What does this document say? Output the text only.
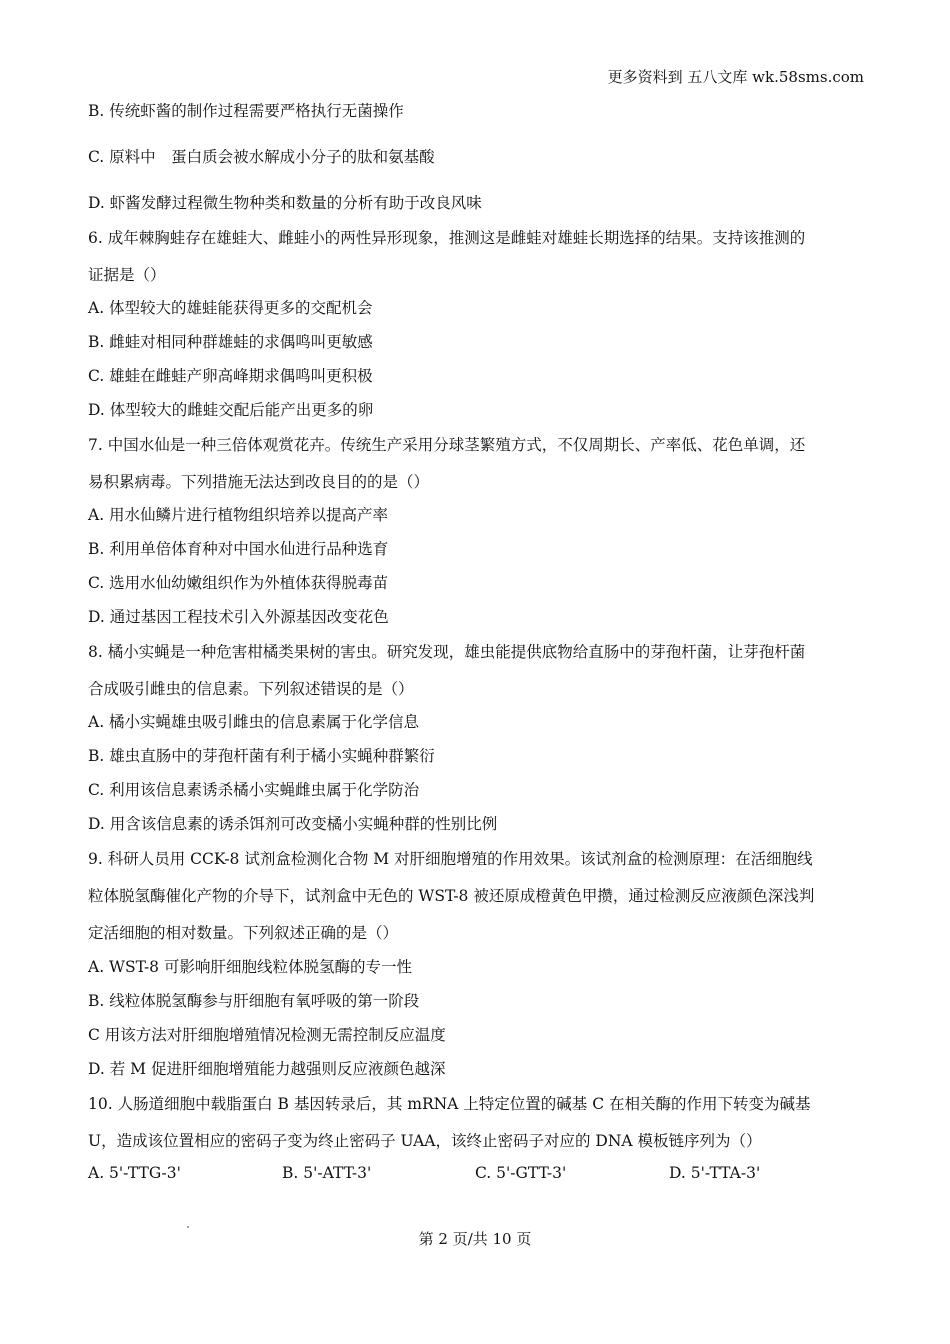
更多资料到 五八文库 wk.58sms.com
B. 传统虾酱的制作过程需要严格执行无菌操作
C. 原料中　蛋白质会被水解成小分子的肽和氨基酸
D. 虾酱发酵过程微生物种类和数量的分析有助于改良风味
6. 成年棘胸蛙存在雄蛙大、雌蛙小的两性异形现象，推测这是雌蛙对雄蛙长期选择的结果。支持该推测的
证据是（）
A. 体型较大的雄蛙能获得更多的交配机会
B. 雌蛙对相同种群雄蛙的求偶鸣叫更敏感
C. 雄蛙在雌蛙产卵高峰期求偶鸣叫更积极
D. 体型较大的雌蛙交配后能产出更多的卵
7. 中国水仙是一种三倍体观赏花卉。传统生产采用分球茎繁殖方式，不仅周期长、产率低、花色单调，还
易积累病毒。下列措施无法达到改良目的的是（）
A. 用水仙鳞片进行植物组织培养以提高产率
B. 利用单倍体育种对中国水仙进行品种选育
C. 选用水仙幼嫩组织作为外植体获得脱毒苗
D. 通过基因工程技术引入外源基因改变花色
8. 橘小实蝇是一种危害柑橘类果树的害虫。研究发现，雄虫能提供底物给直肠中的芽孢杆菌，让芽孢杆菌
合成吸引雌虫的信息素。下列叙述错误的是（）
A. 橘小实蝇雄虫吸引雌虫的信息素属于化学信息
B. 雄虫直肠中的芽孢杆菌有利于橘小实蝇种群繁衍
C. 利用该信息素诱杀橘小实蝇雌虫属于化学防治
D. 用含该信息素的诱杀饵剂可改变橘小实蝇种群的性别比例
9. 科研人员用 CCK-8 试剂盒检测化合物 M 对肝细胞增殖的作用效果。该试剂盒的检测原理：在活细胞线
粒体脱氢酶催化产物的介导下，试剂盒中无色的 WST-8 被还原成橙黄色甲攒，通过检测反应液颜色深浅判
定活细胞的相对数量。下列叙述正确的是（）
A. WST-8 可影响肝细胞线粒体脱氢酶的专一性
B. 线粒体脱氢酶参与肝细胞有氧呼吸的第一阶段
C 用该方法对肝细胞增殖情况检测无需控制反应温度
D. 若 M 促进肝细胞增殖能力越强则反应液颜色越深
10. 人肠道细胞中载脂蛋白 B 基因转录后，其 mRNA 上特定位置的碱基 C 在相关酶的作用下转变为碱基
U，造成该位置相应的密码子变为终止密码子 UAA，该终止密码子对应的 DNA 模板链序列为（）
A. 5'-TTG-3'	B. 5'-ATT-3'	C. 5'-GTT-3'	D. 5'-TTA-3'
第 2 页/共 10 页
